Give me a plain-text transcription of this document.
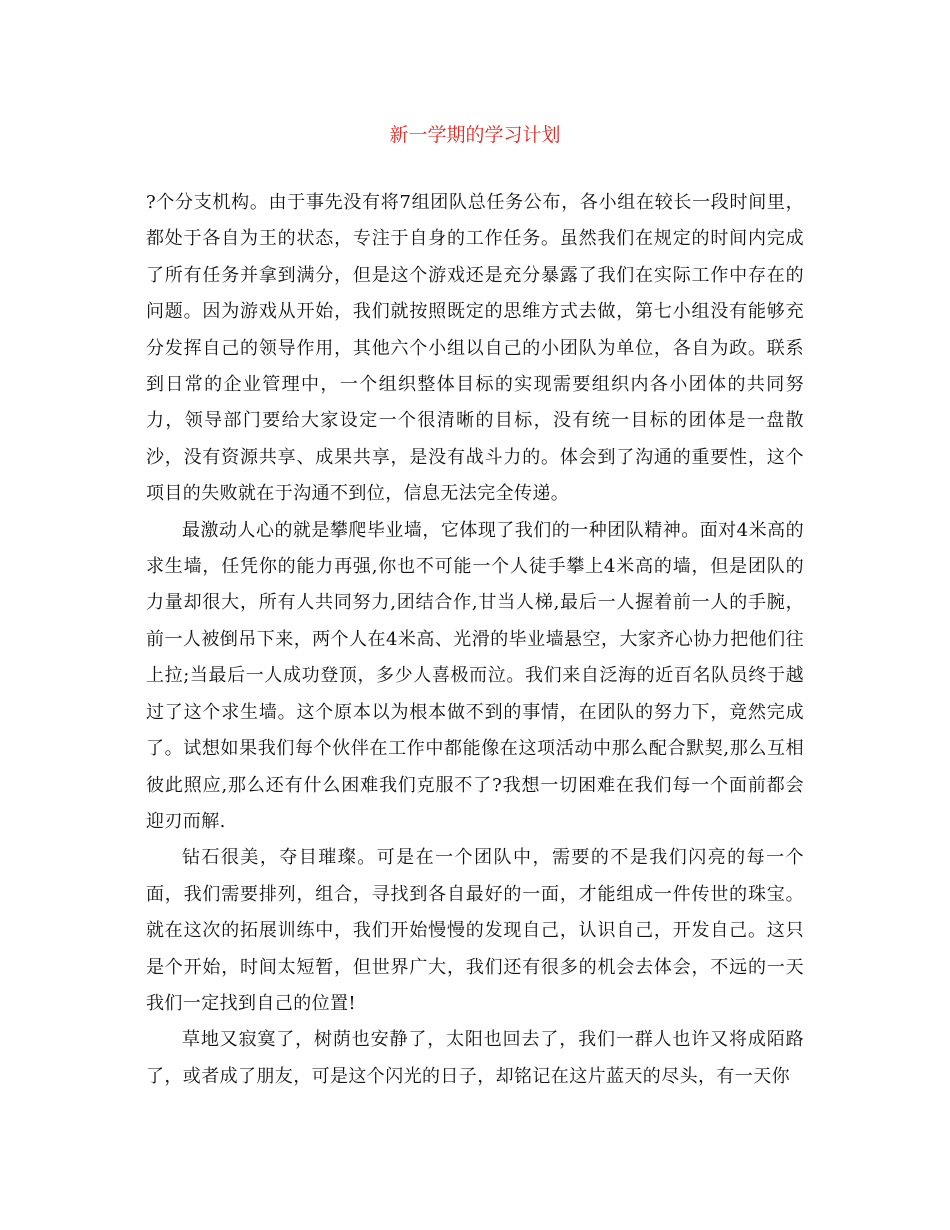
新一学期的学习计划

?个分支机构。由于事先没有将7组团队总任务公布，各小组在较长一段时间里，都处于各自为王的状态，专注于自身的工作任务。虽然我们在规定的时间内完成了所有任务并拿到满分，但是这个游戏还是充分暴露了我们在实际工作中存在的问题。因为游戏从开始，我们就按照既定的思维方式去做，第七小组没有能够充分发挥自己的领导作用，其他六个小组以自己的小团队为单位，各自为政。联系到日常的企业管理中，一个组织整体目标的实现需要组织内各小团体的共同努力，领导部门要给大家设定一个很清晰的目标，没有统一目标的团体是一盘散沙，没有资源共享、成果共享，是没有战斗力的。体会到了沟通的重要性，这个项目的失败就在于沟通不到位，信息无法完全传递。

最激动人心的就是攀爬毕业墙，它体现了我们的一种团队精神。面对4米高的求生墙，任凭你的能力再强,你也不可能一个人徒手攀上4米高的墙，但是团队的力量却很大，所有人共同努力,团结合作,甘当人梯,最后一人握着前一人的手腕，前一人被倒吊下来，两个人在4米高、光滑的毕业墙悬空，大家齐心协力把他们往上拉;当最后一人成功登顶，多少人喜极而泣。我们来自泛海的近百名队员终于越过了这个求生墙。这个原本以为根本做不到的事情，在团队的努力下，竟然完成了。试想如果我们每个伙伴在工作中都能像在这项活动中那么配合默契,那么互相彼此照应,那么还有什么困难我们克服不了?我想一切困难在我们每一个面前都会迎刃而解.

钻石很美，夺目璀璨。可是在一个团队中，需要的不是我们闪亮的每一个面，我们需要排列，组合，寻找到各自最好的一面，才能组成一件传世的珠宝。就在这次的拓展训练中，我们开始慢慢的发现自己，认识自己，开发自己。这只是个开始，时间太短暂，但世界广大，我们还有很多的机会去体会，不远的一天我们一定找到自己的位置!

草地又寂寞了，树荫也安静了，太阳也回去了，我们一群人也许又将成陌路了，或者成了朋友，可是这个闪光的日子，却铭记在这片蓝天的尽头，有一天你
